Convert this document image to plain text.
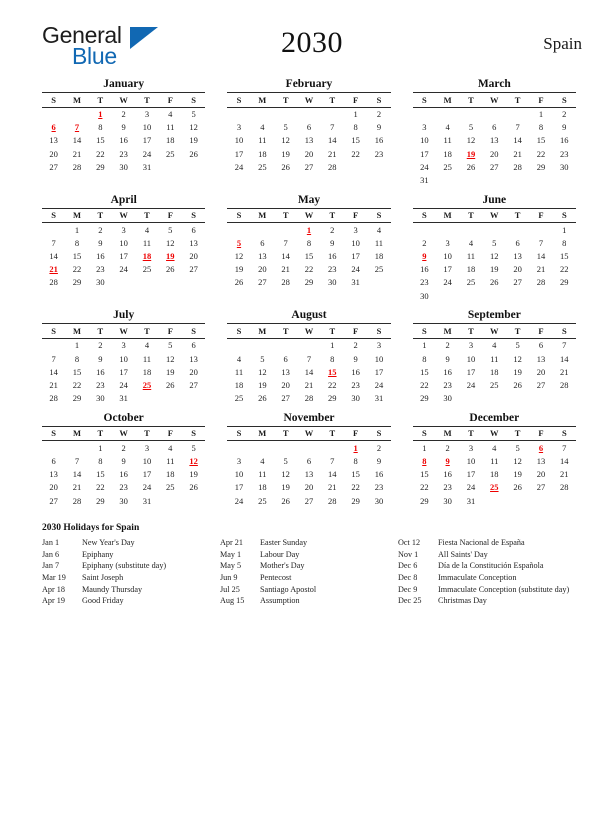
General
Blue	2030	Spain
January
S	M	T	W	T	F	S
		1	2	3	4	5
6	7	8	9	10	11	12
13	14	15	16	17	18	19
20	21	22	23	24	25	26
27	28	29	30	31		
February
S	M	T	W	T	F	S
					1	2
3	4	5	6	7	8	9
10	11	12	13	14	15	16
17	18	19	20	21	22	23
24	25	26	27	28		
March
S	M	T	W	T	F	S
					1	2
3	4	5	6	7	8	9
10	11	12	13	14	15	16
17	18	19	20	21	22	23
24	25	26	27	28	29	30
31						
April
S	M	T	W	T	F	S
	1	2	3	4	5	6
7	8	9	10	11	12	13
14	15	16	17	18	19	20
21	22	23	24	25	26	27
28	29	30				
May
S	M	T	W	T	F	S
			1	2	3	4
5	6	7	8	9	10	11
12	13	14	15	16	17	18
19	20	21	22	23	24	25
26	27	28	29	30	31	
June
S	M	T	W	T	F	S
						1
2	3	4	5	6	7	8
9	10	11	12	13	14	15
16	17	18	19	20	21	22
23	24	25	26	27	28	29
30						
July
S	M	T	W	T	F	S
	1	2	3	4	5	6
7	8	9	10	11	12	13
14	15	16	17	18	19	20
21	22	23	24	25	26	27
28	29	30	31			
August
S	M	T	W	T	F	S
				1	2	3
4	5	6	7	8	9	10
11	12	13	14	15	16	17
18	19	20	21	22	23	24
25	26	27	28	29	30	31
September
S	M	T	W	T	F	S
1	2	3	4	5	6	7
8	9	10	11	12	13	14
15	16	17	18	19	20	21
22	23	24	25	26	27	28
29	30					
October
S	M	T	W	T	F	S
		1	2	3	4	5
6	7	8	9	10	11	12
13	14	15	16	17	18	19
20	21	22	23	24	25	26
27	28	29	30	31		
November
S	M	T	W	T	F	S
					1	2
3	4	5	6	7	8	9
10	11	12	13	14	15	16
17	18	19	20	21	22	23
24	25	26	27	28	29	30
December
S	M	T	W	T	F	S
1	2	3	4	5	6	7
8	9	10	11	12	13	14
15	16	17	18	19	20	21
22	23	24	25	26	27	28
29	30	31				
2030 Holidays for Spain
Jan 1	New Year's Day
Jan 6	Epiphany
Jan 7	Epiphany (substitute day)
Mar 19	Saint Joseph
Apr 18	Maundy Thursday
Apr 19	Good Friday
Apr 21	Easter Sunday
May 1	Labour Day
May 5	Mother's Day
Jun 9	Pentecost
Jul 25	Santiago Apostol
Aug 15	Assumption
Oct 12	Fiesta Nacional de España
Nov 1	All Saints' Day
Dec 6	Día de la Constitución Española
Dec 8	Immaculate Conception
Dec 9	Immaculate Conception (substitute day)
Dec 25	Christmas Day
